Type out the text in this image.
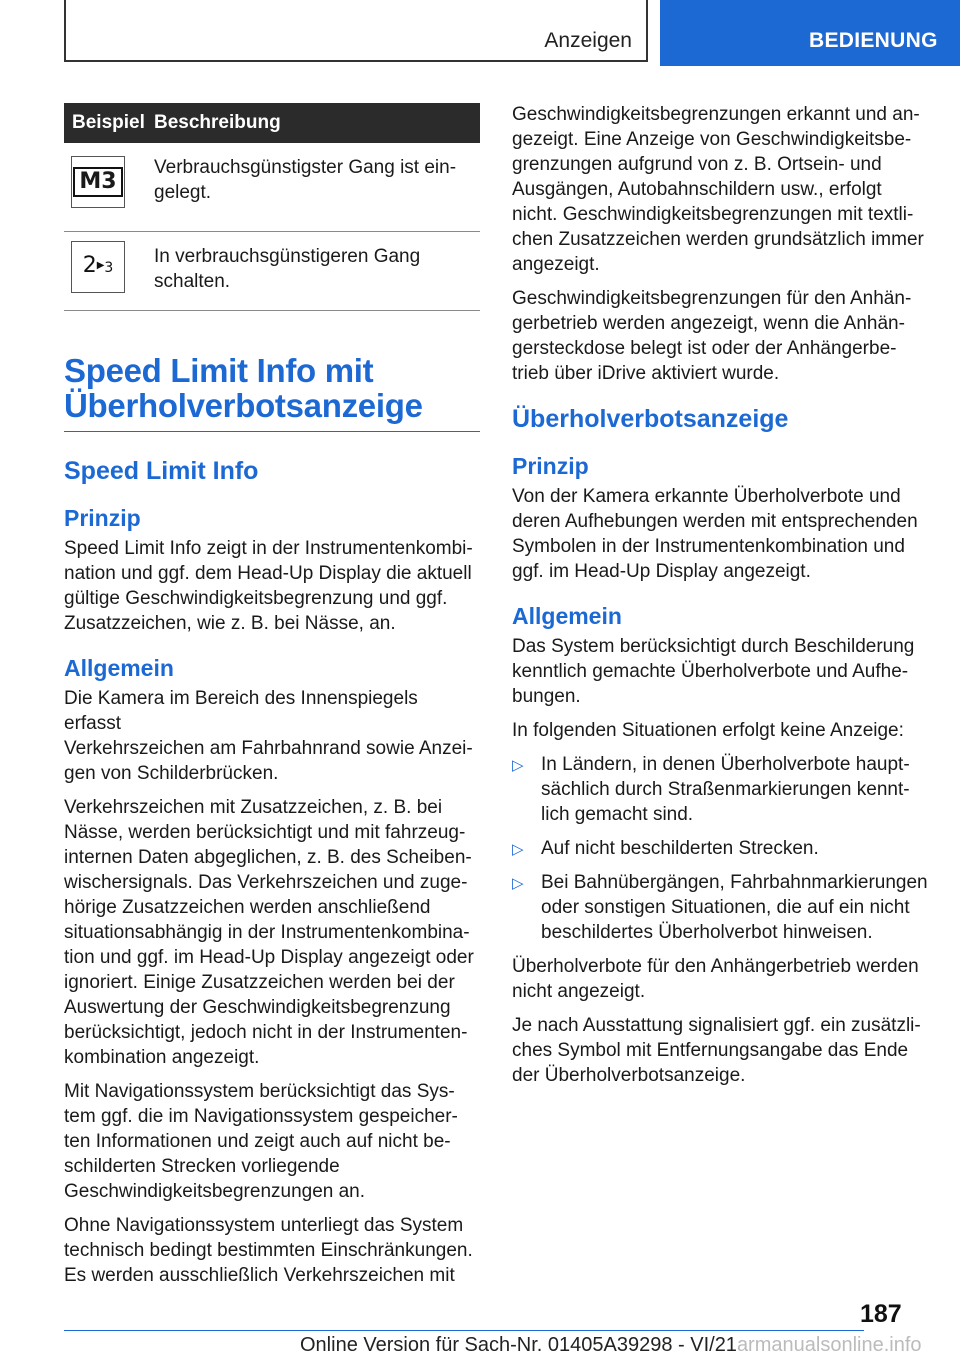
Anzeigen	BEDIENUNG
Beispiel	Beschreibung

M3	Verbrauchsgünstigster Gang ist ein-
gelegt.

2▶3	In verbrauchsgünstigeren Gang
schalten.
Speed Limit Info mit
Überholverbotsanzeige
Speed Limit Info
Prinzip

Speed Limit Info zeigt in der Instrumentenkombi-
nation und ggf. dem Head-Up Display die aktuell
gültige Geschwindigkeitsbegrenzung und ggf.
Zusatzzeichen, wie z. B. bei Nässe, an.

Allgemein

Die Kamera im Bereich des Innenspiegels erfasst
Verkehrszeichen am Fahrbahnrand sowie Anzei-
gen von Schilderbrücken.

Verkehrszeichen mit Zusatzzeichen, z. B. bei
Nässe, werden berücksichtigt und mit fahrzeug-
internen Daten abgeglichen, z. B. des Scheiben-
wischersignals. Das Verkehrszeichen und zuge-
hörige Zusatzzeichen werden anschließend
situationsabhängig in der Instrumentenkombina-
tion und ggf. im Head-Up Display angezeigt oder
ignoriert. Einige Zusatzzeichen werden bei der
Auswertung der Geschwindigkeitsbegrenzung
berücksichtigt, jedoch nicht in der Instrumenten-
kombination angezeigt.

Mit Navigationssystem berücksichtigt das Sys-
tem ggf. die im Navigationssystem gespeicher-
ten Informationen und zeigt auch auf nicht be-
schilderten Strecken vorliegende
Geschwindigkeitsbegrenzungen an.

Ohne Navigationssystem unterliegt das System
technisch bedingt bestimmten Einschränkungen.
Es werden ausschließlich Verkehrszeichen mit

Geschwindigkeitsbegrenzungen erkannt und an-
gezeigt. Eine Anzeige von Geschwindigkeitsbe-
grenzungen aufgrund von z. B. Ortsein- und
Ausgängen, Autobahnschildern usw., erfolgt
nicht. Geschwindigkeitsbegrenzungen mit textli-
chen Zusatzzeichen werden grundsätzlich immer
angezeigt.

Geschwindigkeitsbegrenzungen für den Anhän-
gerbetrieb werden angezeigt, wenn die Anhän-
gersteckdose belegt ist oder der Anhängerbe-
trieb über iDrive aktiviert wurde.

Überholverbotsanzeige
Prinzip

Von der Kamera erkannte Überholverbote und
deren Aufhebungen werden mit entsprechenden
Symbolen in der Instrumentenkombination und
ggf. im Head-Up Display angezeigt.

Allgemein

Das System berücksichtigt durch Beschilderung
kenntlich gemachte Überholverbote und Aufhe-
bungen.

In folgenden Situationen erfolgt keine Anzeige:

▷ In Ländern, in denen Überholverbote haupt-
sächlich durch Straßenmarkierungen kennt-
lich gemacht sind.
▷ Auf nicht beschilderten Strecken.
▷ Bei Bahnübergängen, Fahrbahnmarkierungen
oder sonstigen Situationen, die auf ein nicht
beschildertes Überholverbot hinweisen.

Überholverbote für den Anhängerbetrieb werden
nicht angezeigt.

Je nach Ausstattung signalisiert ggf. ein zusätzli-
ches Symbol mit Entfernungsangabe das Ende
der Überholverbotsanzeige.

187
Online Version für Sach-Nr. 01405A39298 - VI/21armanualsonline.info
